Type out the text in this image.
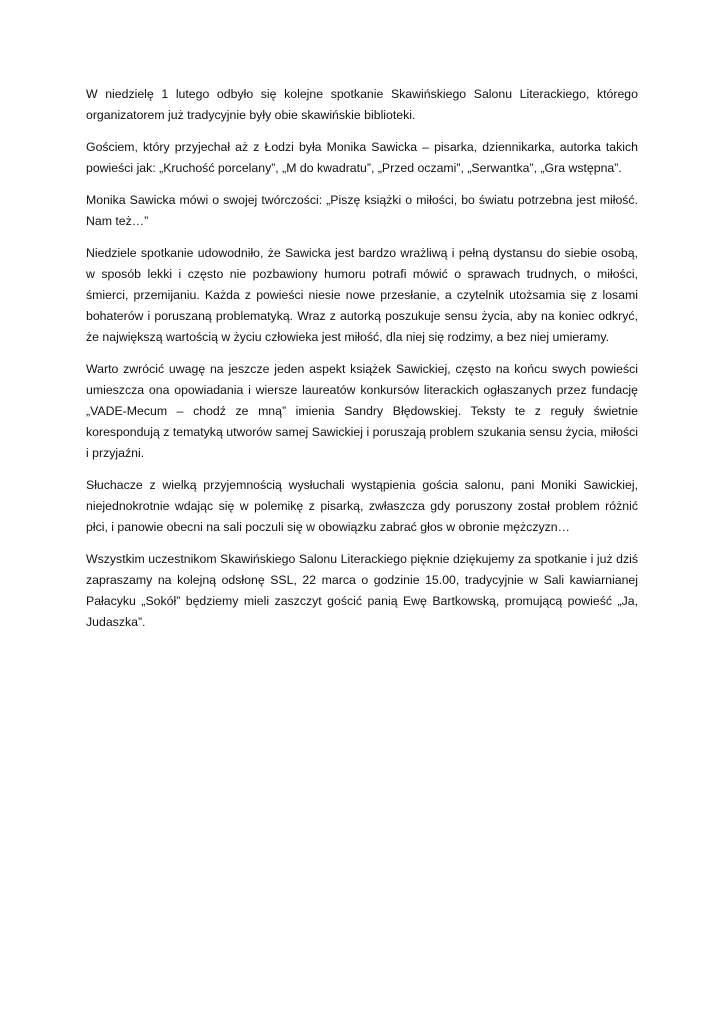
W niedzielę 1 lutego odbyło się kolejne spotkanie Skawińskiego Salonu Literackiego, którego organizatorem już tradycyjnie były obie skawińskie biblioteki.

Gościem, który przyjechał aż z Łodzi była Monika Sawicka – pisarka, dziennikarka, autorka takich powieści jak: „Kruchość porcelany”, „M do kwadratu”, „Przed oczami”, „Serwantka”, „Gra wstępna”.

Monika Sawicka mówi o swojej twórczości: „Piszę książki o miłości, bo światu potrzebna jest miłość. Nam też…”

Niedziele spotkanie udowodniło, że Sawicka jest bardzo wrażliwą i pełną dystansu do siebie osobą, w sposób lekki i często nie pozbawiony humoru potrafi mówić o sprawach trudnych, o miłości, śmierci, przemijaniu. Każda z powieści niesie nowe przesłanie, a czytelnik utożsamia się z losami bohaterów i poruszaną problematyką. Wraz z autorką poszukuje sensu życia, aby na koniec odkryć, że największą wartością w życiu człowieka jest miłość, dla niej się rodzimy, a bez niej umieramy.

Warto zwrócić uwagę na jeszcze jeden aspekt książek Sawickiej, często na końcu swych powieści umieszcza ona opowiadania i wiersze laureatów konkursów literackich ogłaszanych przez fundację „VADE-Mecum – chodź ze mną” imienia Sandry Błędowskiej. Teksty te z reguły świetnie korespondują z tematyką utworów samej Sawickiej i poruszają problem szukania sensu życia, miłości i przyjaźni.

Słuchacze z wielką przyjemnością wysłuchali wystąpienia gościa salonu, pani Moniki Sawickiej, niejednokrotnie wdając się w polemikę z pisarką, zwłaszcza gdy poruszony został problem różnić płci, i panowie obecni na sali poczuli się w obowiązku zabrać głos w obronie mężczyzn…

Wszystkim uczestnikom Skawińskiego Salonu Literackiego pięknie dziękujemy za spotkanie i już dziś zapraszamy na kolejną odsłonę SSL, 22 marca o godzinie 15.00, tradycyjnie w Sali kawiarnianej Pałacyku „Sokół” będziemy mieli zaszczyt gościć panią Ewę Bartkowską, promującą powieść „Ja, Judaszka”.
